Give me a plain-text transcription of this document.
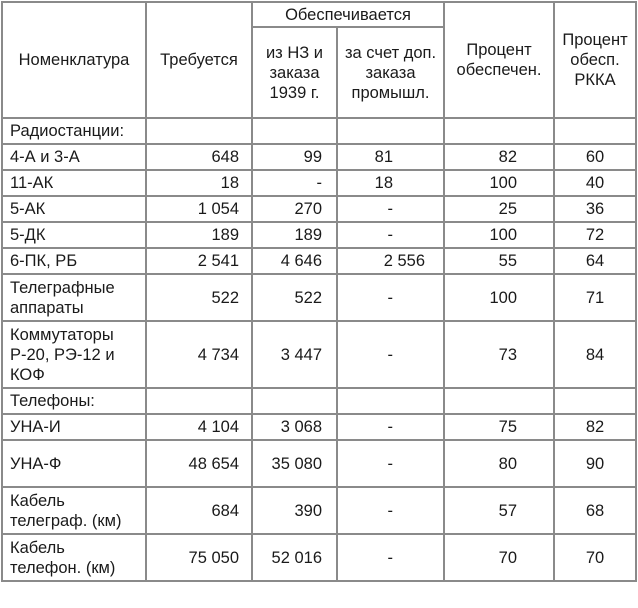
Номенклатура	Требуется	Обеспечивается		Процент обеспечен.	Процент обесп. РККА
		из НЗ и заказа 1939 г.	за счет доп. заказа промышл.		
Радиостанции:					
4-А и 3-А	648	99	81	82	60
11-АК	18	-	18	100	40
5-АК	1 054	270	-	25	36
5-ДК	189	189	-	100	72
6-ПК, РБ	2 541	4 646	2 556	55	64
Телеграфные аппараты	522	522	-	100	71
Коммутаторы Р-20, РЭ-12 и КОФ	4 734	3 447	-	73	84
Телефоны:					
УНА-И	4 104	3 068	-	75	82
УНА-Ф	48 654	35 080	-	80	90
Кабель телеграф. (км)	684	390	-	57	68
Кабель телефон. (км)	75 050	52 016	-	70	70
